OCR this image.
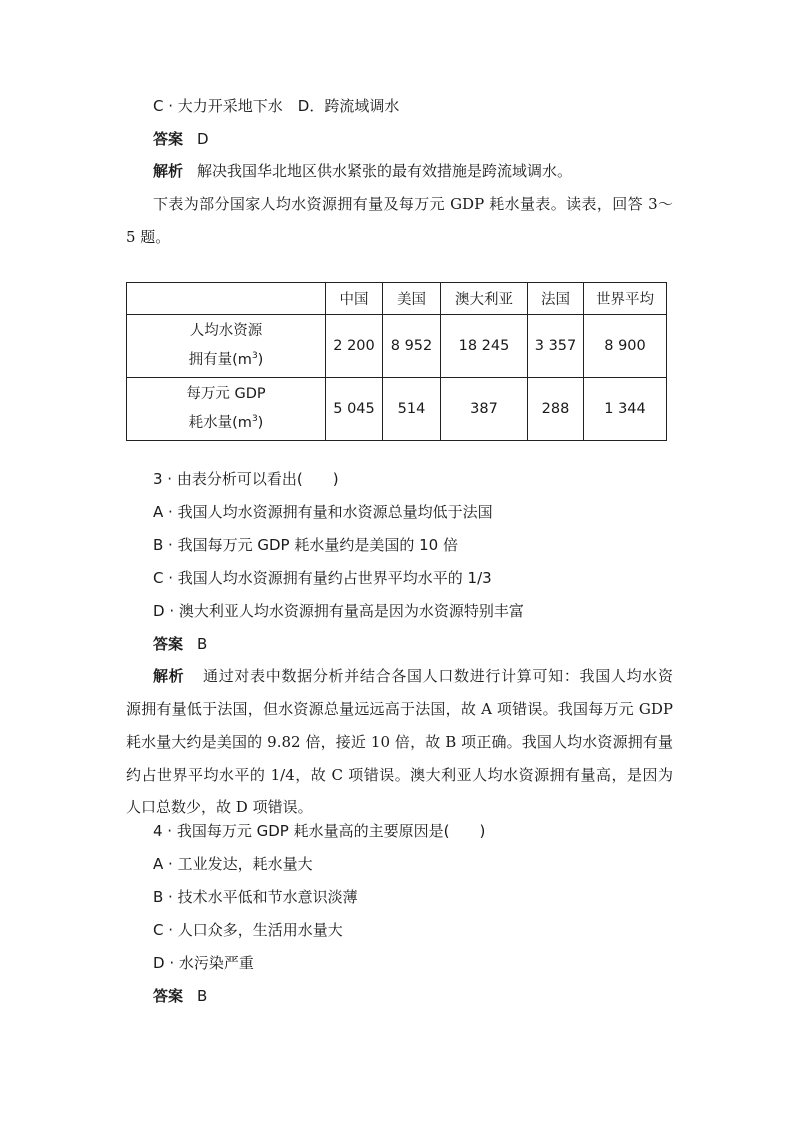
C · 大力开采地下水　D．跨流域调水
答案 D
解析 解决我国华北地区供水紧张的最有效措施是跨流域调水。
下表为部分国家人均水资源拥有量及每万元 GDP 耗水量表。读表，回答 3～
5 题。
	中国	美国	澳大利亚	法国	世界平均

人均水资源
拥有量$(m^3)$	2 200	8 952	18 245	3 357	8 900

每万元 GDP
耗水量$(m^3)$	5 045	514	387	288	1 344
3 · 由表分析可以看出(　　)
A · 我国人均水资源拥有量和水资源总量均低于法国
B · 我国每万元 GDP 耗水量约是美国的 10 倍
C · 我国人均水资源拥有量约占世界平均水平的 1/3
D · 澳大利亚人均水资源拥有量高是因为水资源特别丰富
答案 B
解析 通过对表中数据分析并结合各国人口数进行计算可知：我国人均水资
源拥有量低于法国，但水资源总量远远高于法国，故 A 项错误。我国每万元 GDP
耗水量大约是美国的 9.82 倍，接近 10 倍，故 B 项正确。我国人均水资源拥有量
约占世界平均水平的 1/4，故 C 项错误。澳大利亚人均水资源拥有量高，是因为
人口总数少，故 D 项错误。
4 · 我国每万元 GDP 耗水量高的主要原因是(　　)
A · 工业发达，耗水量大
B · 技术水平低和节水意识淡薄
C · 人口众多，生活用水量大
D · 水污染严重
答案 B
